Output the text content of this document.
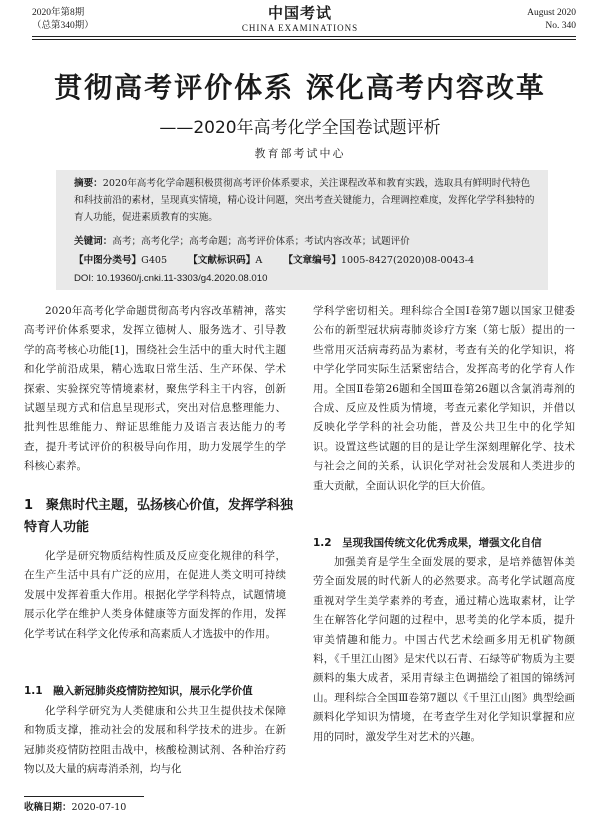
2020年第8期
（总第340期）
中国考试
CHINA EXAMINATIONS
August 2020
No. 340
贯彻高考评价体系 深化高考内容改革
——2020年高考化学全国卷试题评析
教育部考试中心
摘要：2020年高考化学命题积极贯彻高考评价体系要求，关注课程改革和教育实践，选取具有鲜明时代特色和科技前沿的素材，呈现真实情境，精心设计问题，突出考查关键能力，合理调控难度，发挥化学学科独特的育人功能，促进素质教育的实施。
关键词：高考；高考化学；高考命题；高考评价体系；考试内容改革；试题评价
【中图分类号】G405 【文献标识码】A 【文章编号】1005-8427(2020)08-0043-4
DOI: 10.19360/j.cnki.11-3303/g4.2020.08.010

2020年高考化学命题贯彻高考内容改革精神，落实高考评价体系要求，发挥立德树人、服务选才、引导教学的高考核心功能[1]，围绕社会生活中的重大时代主题和化学前沿成果，精心选取日常生活、生产环保、学术探索、实验探究等情境素材，聚焦学科主干内容，创新试题呈现方式和信息呈现形式，突出对信息整理能力、批判性思维能力、辩证思维能力及语言表达能力的考查，提升考试评价的积极导向作用，助力发展学生的学科核心素养。

1　聚焦时代主题，弘扬核心价值，发挥学科独特育人功能

化学是研究物质结构性质及反应变化规律的科学，在生产生活中具有广泛的应用，在促进人类文明可持续发展中发挥着重大作用。根据化学学科特点，试题情境展示化学在维护人类身体健康等方面发挥的作用，发挥化学考试在科学文化传承和高素质人才选拔中的作用。

1.1　融入新冠肺炎疫情防控知识，展示化学价值

化学科学研究为人类健康和公共卫生提供技术保障和物质支撑，推动社会的发展和科学技术的进步。在新冠肺炎疫情防控阻击战中，核酸检测试剂、各种治疗药物以及大量的病毒消杀剂，均与化

学科学密切相关。理科综合全国Ⅰ卷第7题以国家卫健委公布的新型冠状病毒肺炎诊疗方案（第七版）提出的一些常用灭活病毒药品为素材，考查有关的化学知识，将中学化学同实际生活紧密结合，发挥高考的化学育人作用。全国Ⅱ卷第26题和全国Ⅲ卷第26题以含氯消毒剂的合成、反应及性质为情境，考查元素化学知识，并借以反映化学学科的社会功能，普及公共卫生中的化学知识。设置这些试题的目的是让学生深刻理解化学、技术与社会之间的关系，认识化学对社会发展和人类进步的重大贡献，全面认识化学的巨大价值。

1.2　呈现我国传统文化优秀成果，增强文化自信

加强美育是学生全面发展的要求，是培养德智体美劳全面发展的时代新人的必然要求。高考化学试题高度重视对学生美学素养的考查，通过精心选取素材，让学生在解答化学问题的过程中，思考美的化学本质，提升审美情趣和能力。中国古代艺术绘画多用无机矿物颜料，《千里江山图》是宋代以石青、石绿等矿物质为主要颜料的集大成者，采用青绿主色调描绘了祖国的锦绣河山。理科综合全国Ⅲ卷第7题以《千里江山图》典型绘画颜料化学知识为情境，在考查学生对化学知识掌握和应用的同时，激发学生对艺术的兴趣。

收稿日期：2020-07-10
